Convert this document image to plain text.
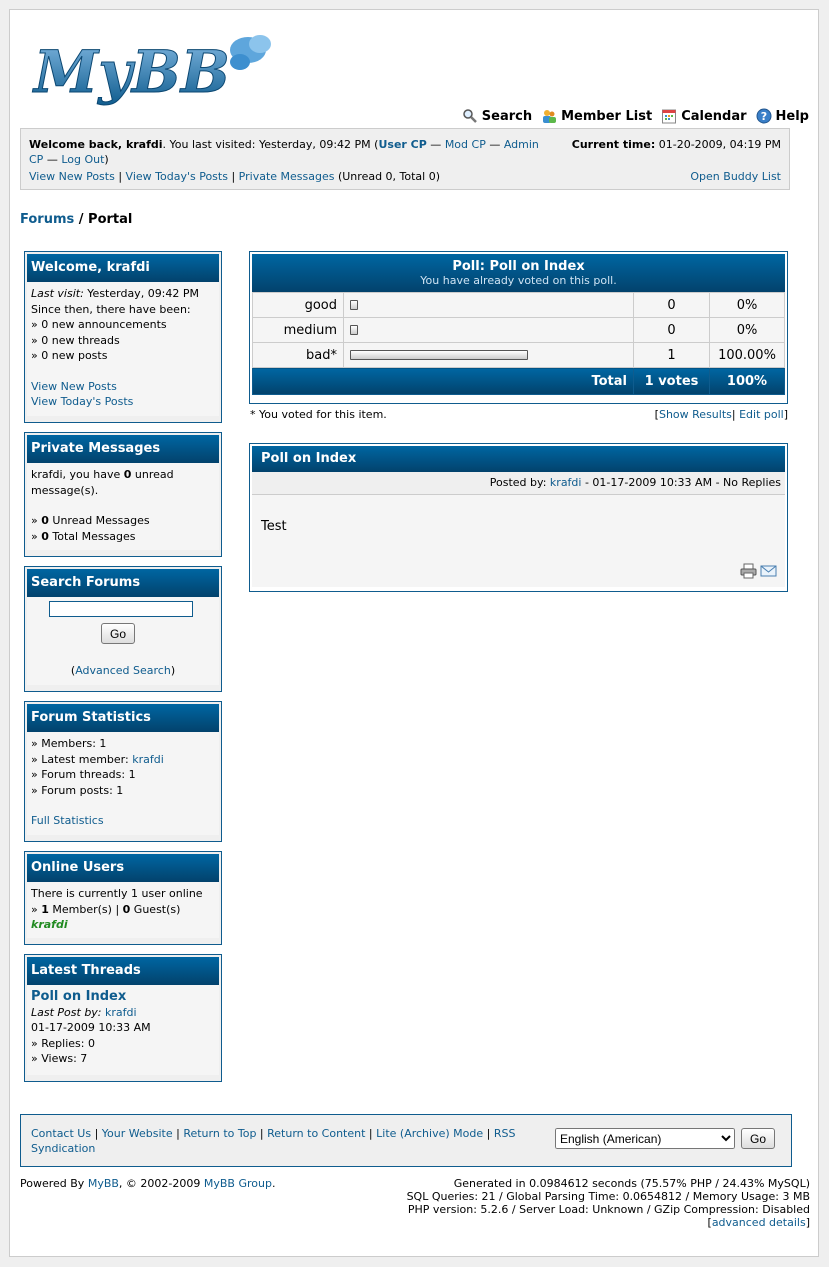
MyBB
Search Member List Calendar ? Help
Welcome back, krafdi. You last visited: Yesterday, 09:42 PM (User CP — Mod CP — Admin CP — Log Out)
View New Posts | View Today's Posts | Private Messages (Unread 0, Total 0)
Current time: 01-20-2009, 04:19 PM
Open Buddy List
Forums / Portal
Welcome, krafdi
Last visit: Yesterday, 09:42 PM
Since then, there have been:
» 0 new announcements
» 0 new threads
» 0 new posts
View New Posts
View Today's Posts
Private Messages
krafdi, you have 0 unread message(s).
» 0 Unread Messages
» 0 Total Messages
Search Forums
Go
(Advanced Search)
Forum Statistics
» Members: 1
» Latest member: krafdi
» Forum threads: 1
» Forum posts: 1
Full Statistics
Online Users
There is currently 1 user online
» 1 Member(s) | 0 Guest(s)
krafdi
Latest Threads
Poll on Index
Last Post by: krafdi
01-17-2009 10:33 AM
» Replies: 0
» Views: 7
Poll: Poll on Index
You have already voted on this poll.
good		0	0%
medium		0	0%
bad*		1	100.00%
Total		1 votes	100%
* You voted for this item.	[Show Results| Edit poll]
Poll on Index
Posted by: krafdi - 01-17-2009 10:33 AM - No Replies
Test
Contact Us | Your Website | Return to Top | Return to Content | Lite (Archive) Mode | RSS Syndication
English (American)
Go
Powered By MyBB, © 2002-2009 MyBB Group.	Generated in 0.0984612 seconds (75.57% PHP / 24.43% MySQL)
SQL Queries: 21 / Global Parsing Time: 0.0654812 / Memory Usage: 3 MB
PHP version: 5.2.6 / Server Load: Unknown / GZip Compression: Disabled
[advanced details]
